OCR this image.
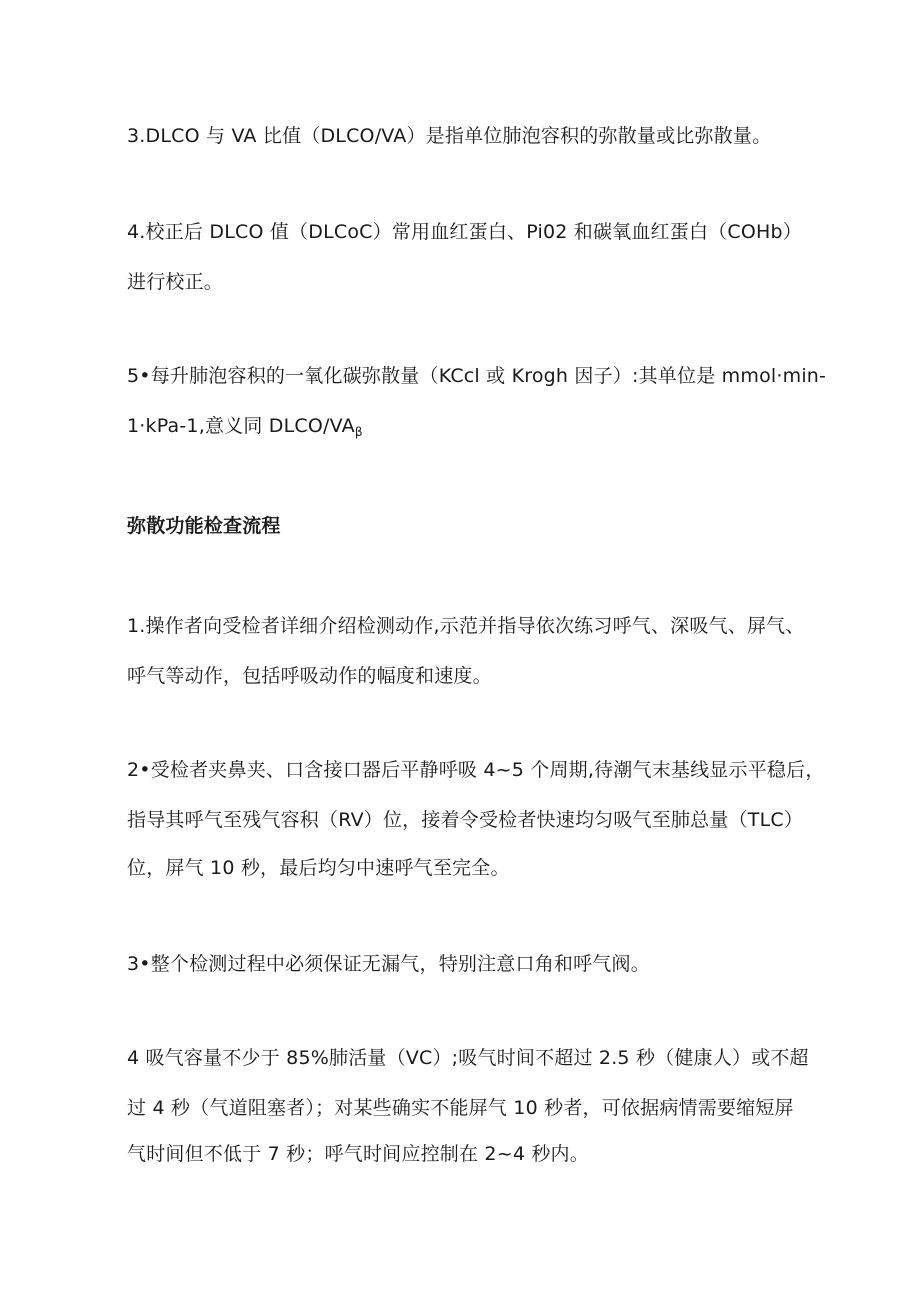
3.DLCO 与 VA 比值（DLCO/VA）是指单位肺泡容积的弥散量或比弥散量。
4.校正后 DLCO 值（DLCoC）常用血红蛋白、Pi02 和碳氧血红蛋白（COHb）
进行校正。
5•每升肺泡容积的一氧化碳弥散量（KCcl 或 Krogh 因子）:其单位是 mmol·min-
1·kPa-1,意义同 DLCO/$VA_\beta$
弥散功能检查流程
1.操作者向受检者详细介绍检测动作,示范并指导依次练习呼气、深吸气、屏气、
呼气等动作，包括呼吸动作的幅度和速度。
2•受检者夹鼻夹、口含接口器后平静呼吸 4~5 个周期,待潮气末基线显示平稳后，
指导其呼气至残气容积（RV）位，接着令受检者快速均匀吸气至肺总量（TLC）
位，屏气 10 秒，最后均匀中速呼气至完全。
3•整个检测过程中必须保证无漏气，特别注意口角和呼气阀。
4 吸气容量不少于 85%肺活量（VC）;吸气时间不超过 2.5 秒（健康人）或不超
过 4 秒（气道阻塞者）；对某些确实不能屏气 10 秒者，可依据病情需要缩短屏
气时间但不低于 7 秒；呼气时间应控制在 2~4 秒内。
